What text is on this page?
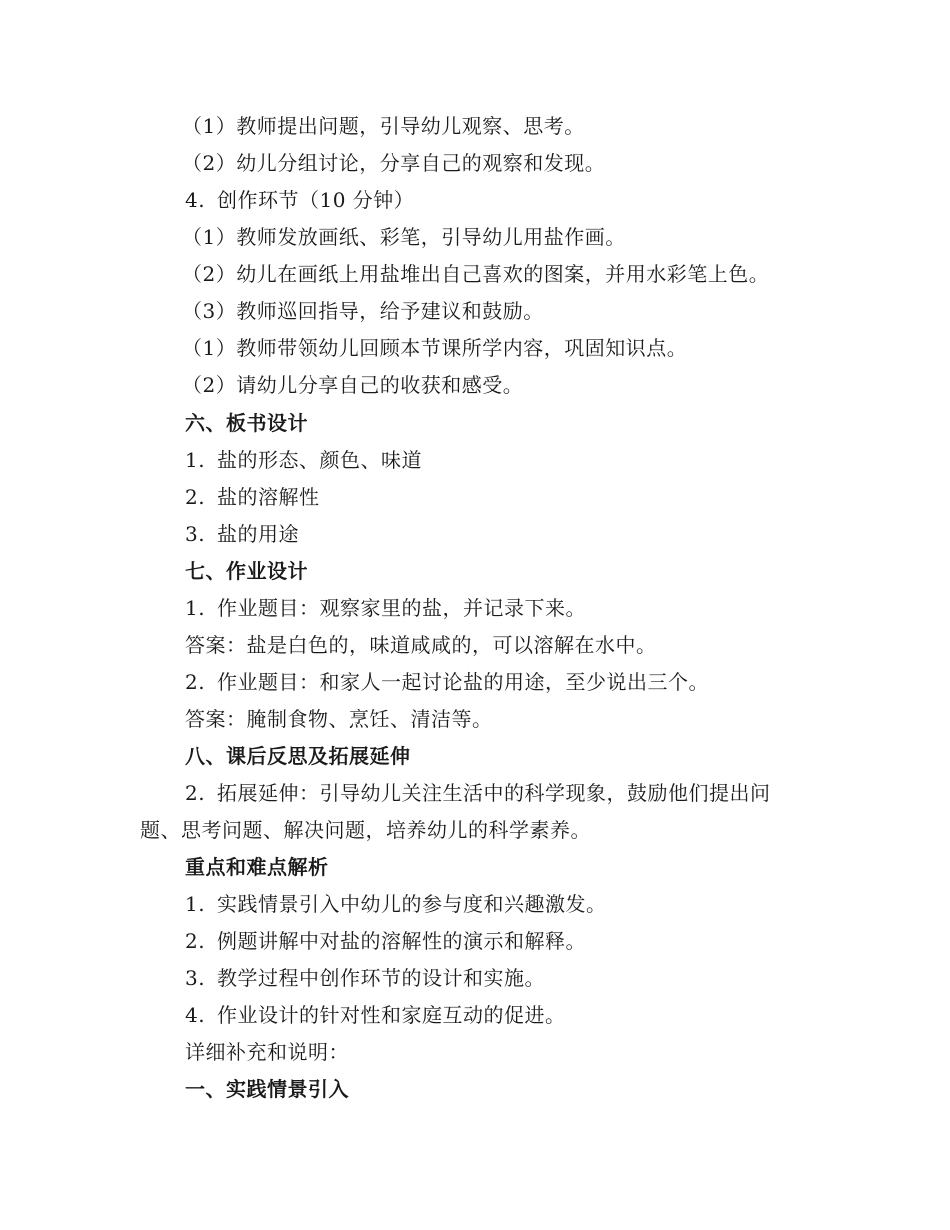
（1）教师提出问题，引导幼儿观察、思考。
（2）幼儿分组讨论，分享自己的观察和发现。
4. 创作环节（10 分钟）
（1）教师发放画纸、彩笔，引导幼儿用盐作画。
（2）幼儿在画纸上用盐堆出自己喜欢的图案，并用水彩笔上色。
（3）教师巡回指导，给予建议和鼓励。
（1）教师带领幼儿回顾本节课所学内容，巩固知识点。
（2）请幼儿分享自己的收获和感受。
六、板书设计
1. 盐的形态、颜色、味道
2. 盐的溶解性
3. 盐的用途
七、作业设计
1. 作业题目：观察家里的盐，并记录下来。
答案：盐是白色的，味道咸咸的，可以溶解在水中。
2. 作业题目：和家人一起讨论盐的用途，至少说出三个。
答案：腌制食物、烹饪、清洁等。
八、课后反思及拓展延伸
2. 拓展延伸：引导幼儿关注生活中的科学现象，鼓励他们提出问
题、思考问题、解决问题，培养幼儿的科学素养。
重点和难点解析
1. 实践情景引入中幼儿的参与度和兴趣激发。
2. 例题讲解中对盐的溶解性的演示和解释。
3. 教学过程中创作环节的设计和实施。
4. 作业设计的针对性和家庭互动的促进。
详细补充和说明：
一、实践情景引入
